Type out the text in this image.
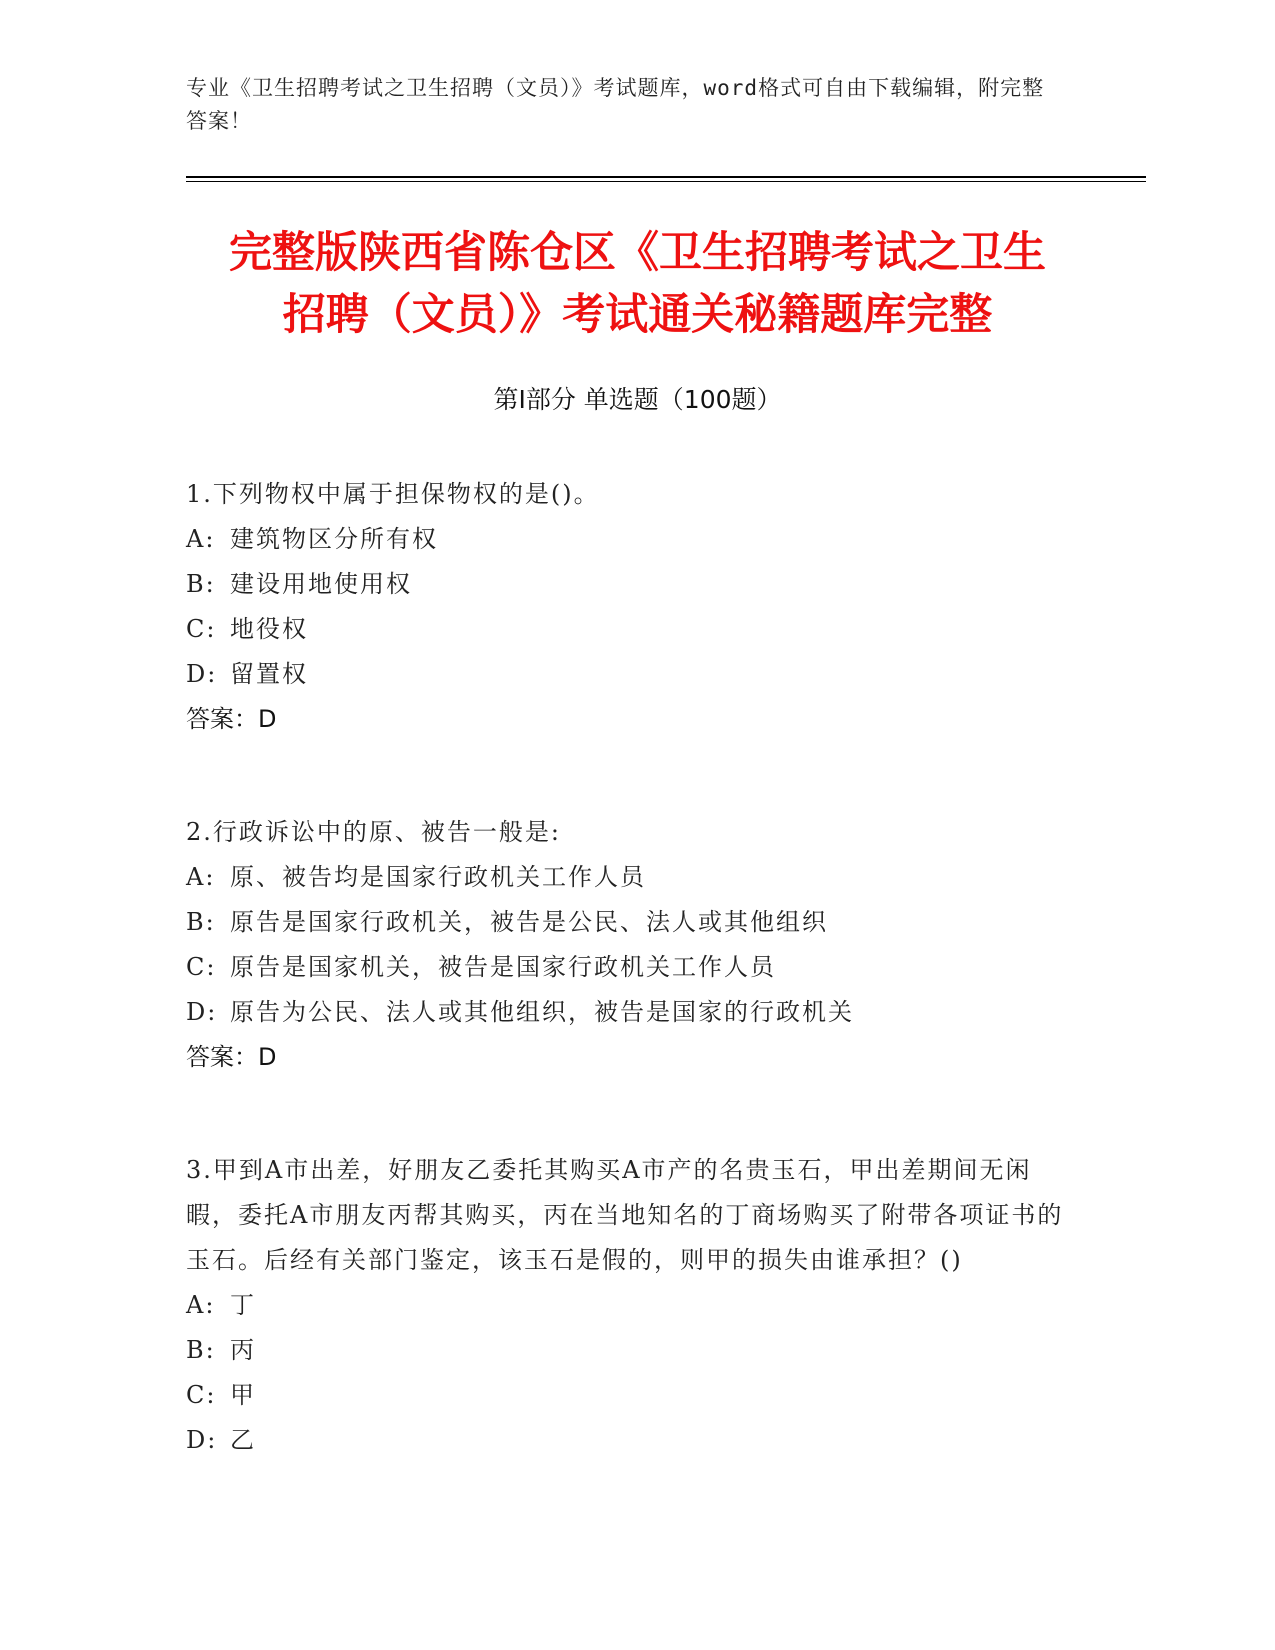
专业《卫生招聘考试之卫生招聘（文员）》考试题库，word格式可自由下载编辑，附完整答案！
完整版陕西省陈仓区《卫生招聘考试之卫生
招聘（文员）》考试通关秘籍题库完整
第I部分 单选题（100题）
1.下列物权中属于担保物权的是()。
A: 建筑物区分所有权
B: 建设用地使用权
C: 地役权
D: 留置权
答案：D
2.行政诉讼中的原、被告一般是:
A: 原、被告均是国家行政机关工作人员
B: 原告是国家行政机关，被告是公民、法人或其他组织
C: 原告是国家机关，被告是国家行政机关工作人员
D: 原告为公民、法人或其他组织，被告是国家的行政机关
答案：D
3.甲到A市出差，好朋友乙委托其购买A市产的名贵玉石，甲出差期间无闲暇，委托A市朋友丙帮其购买，丙在当地知名的丁商场购买了附带各项证书的玉石。后经有关部门鉴定，该玉石是假的，则甲的损失由谁承担？()
A: 丁
B: 丙
C: 甲
D: 乙
